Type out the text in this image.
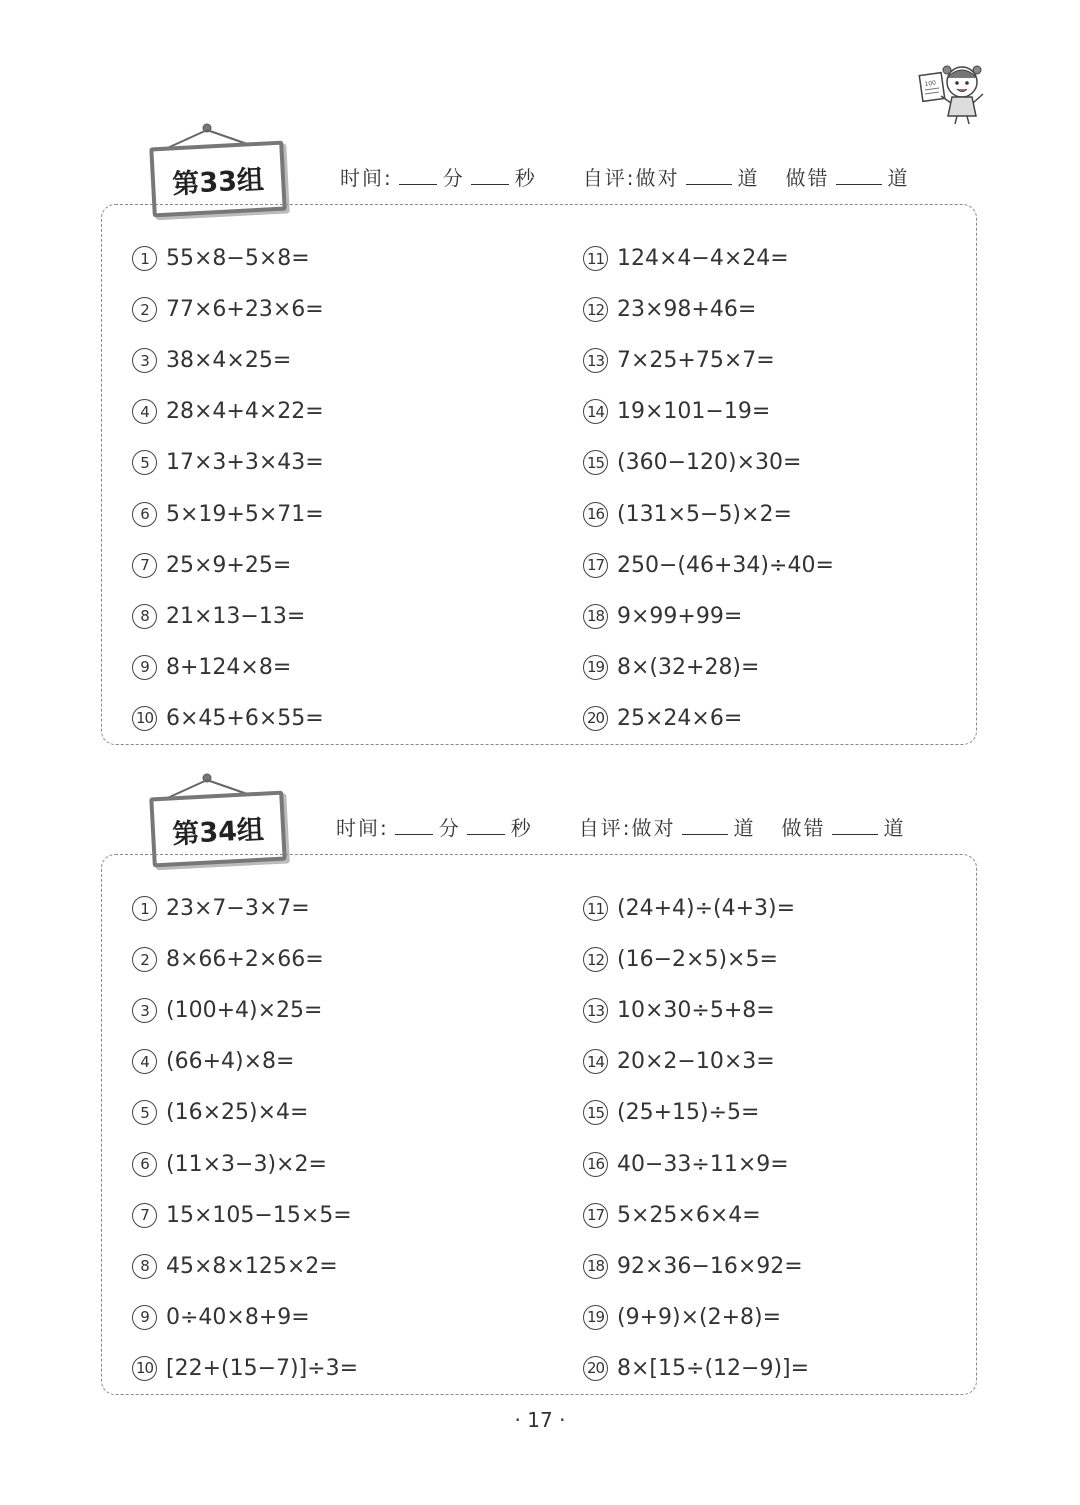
100
第33组	时间:	分	秒 自评:做对	道 做错	道
1 55×8−5×8=
2 77×6+23×6=
3 38×4×25=
4 28×4+4×22=
5 17×3+3×43=
6 5×19+5×71=
7 25×9+25=
8 21×13−13=
9 8+124×8=
10 6×45+6×55=
11 124×4−4×24=
12 23×98+46=
13 7×25+75×7=
14 19×101−19=
15 (360−120)×30=
16 (131×5−5)×2=
17 250−(46+34)÷40=
18 9×99+99=
19 8×(32+28)=
20 25×24×6=
第34组	时间:	分	秒 自评:做对	道 做错	道
1 23×7−3×7=
2 8×66+2×66=
3 (100+4)×25=
4 (66+4)×8=
5 (16×25)×4=
6 (11×3−3)×2=
7 15×105−15×5=
8 45×8×125×2=
9 0÷40×8+9=
10 [22+(15−7)]÷3=
11 (24+4)÷(4+3)=
12 (16−2×5)×5=
13 10×30÷5+8=
14 20×2−10×3=
15 (25+15)÷5=
16 40−33÷11×9=
17 5×25×6×4=
18 92×36−16×92=
19 (9+9)×(2+8)=
20 8×[15÷(12−9)]=
· 17 ·
